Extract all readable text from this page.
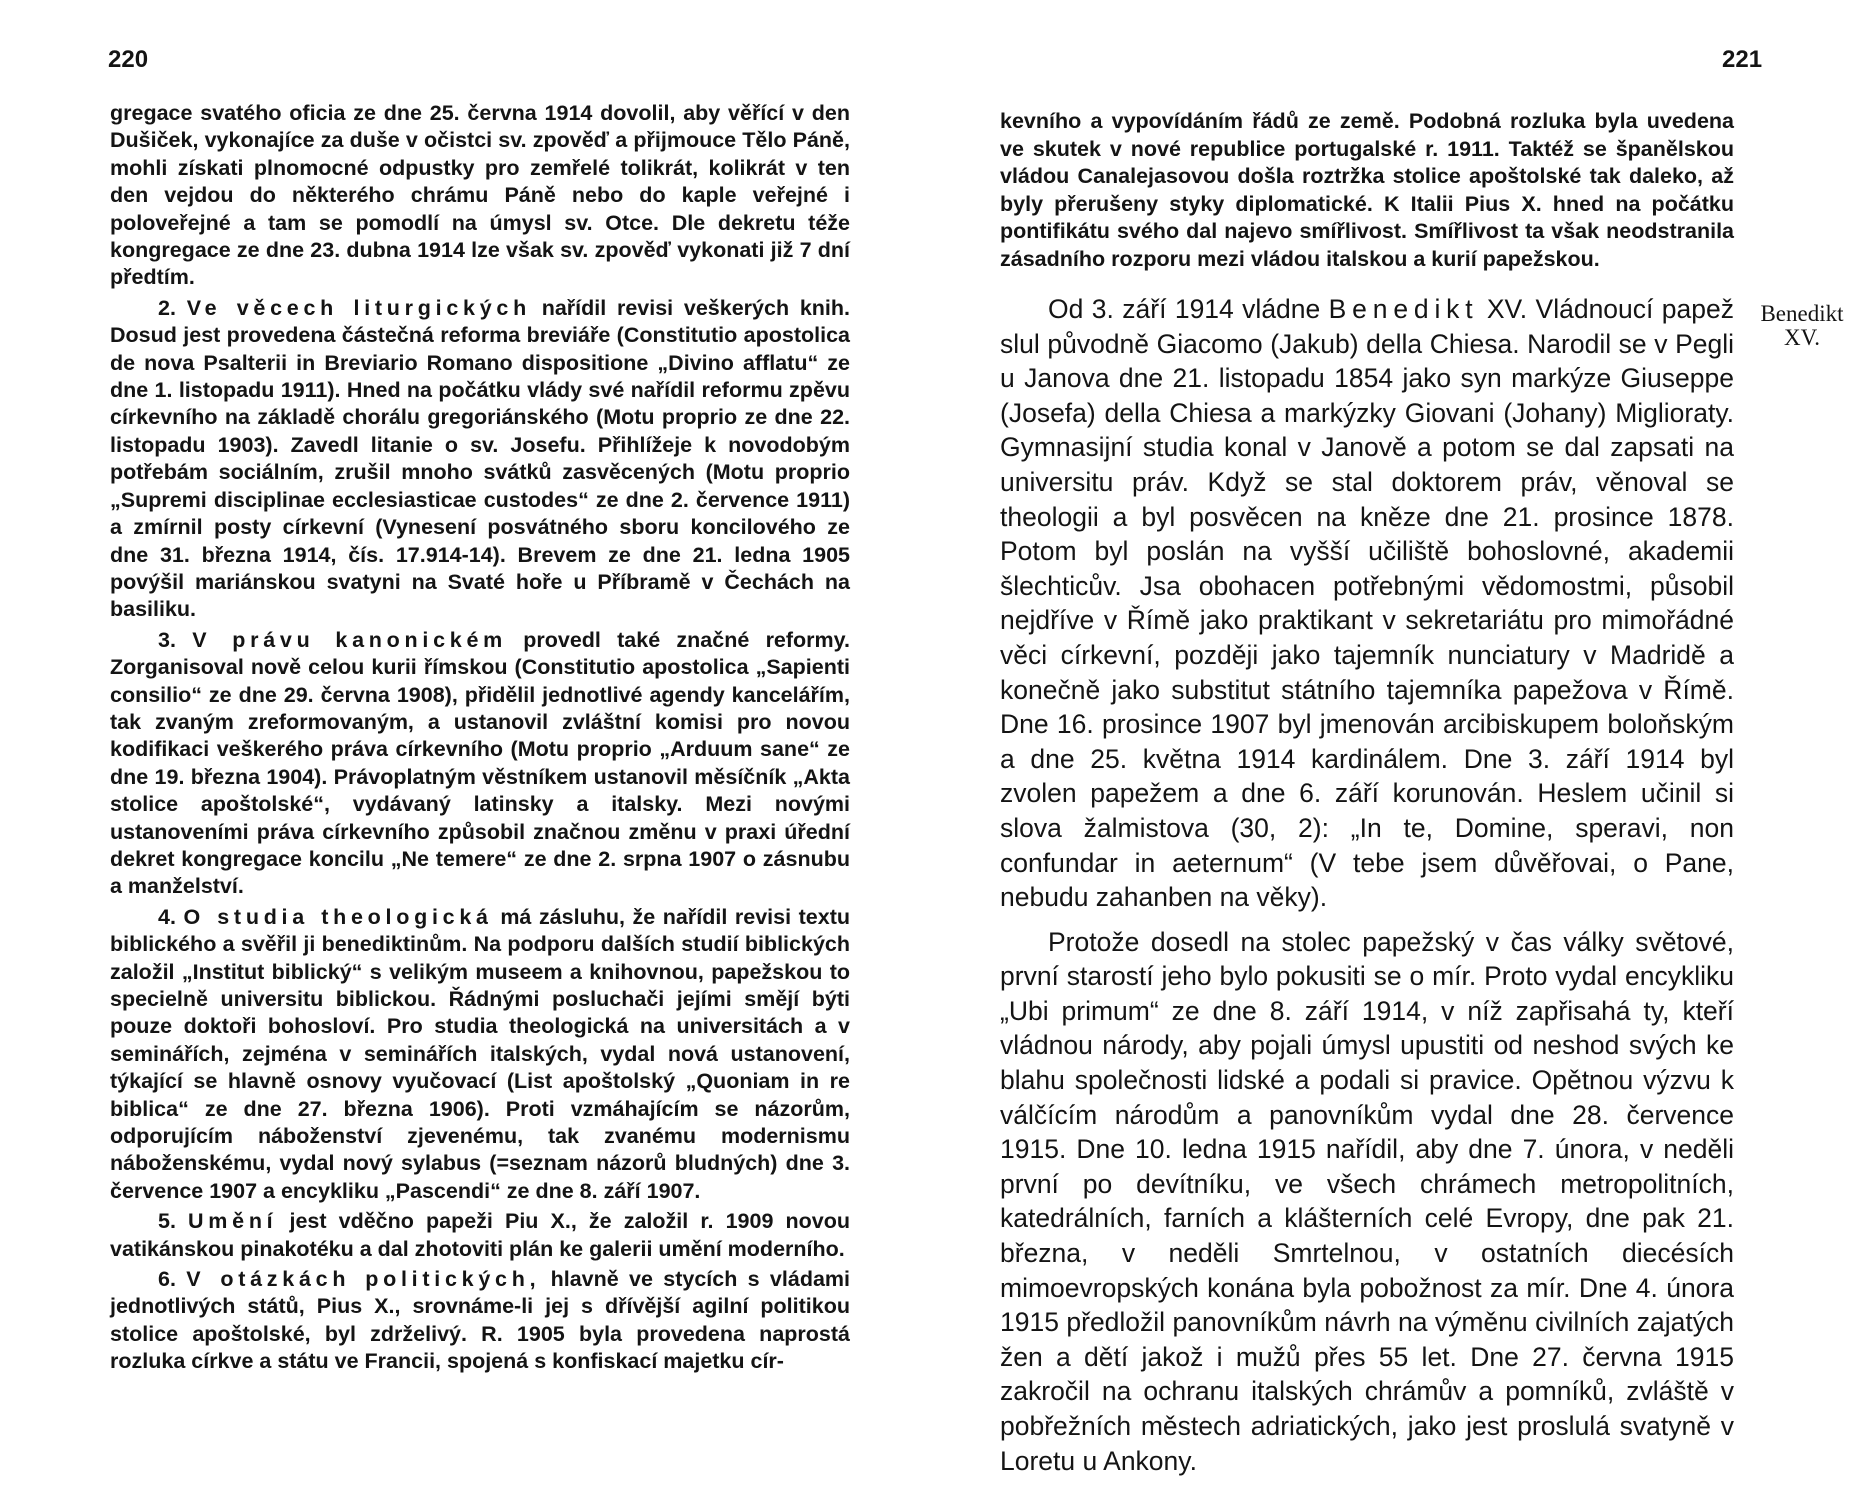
220	221

gregace svatého oficia ze dne 25. června 1914 dovolil, aby věřící v den Dušiček, vykonajíce za duše v očistci sv. zpověď a přijmouce Tělo Páně, mohli získati plnomocné odpustky pro zemřelé tolikrát, kolikrát v ten den vejdou do některého chrámu Páně nebo do kaple veřejné i poloveřejné a tam se pomodlí na úmysl sv. Otce. Dle dekretu téže kongregace ze dne 23. dubna 1914 lze však sv. zpověď vykonati již 7 dní předtím.

2. Ve věcech liturgických nařídil revisi veškerých knih. Dosud jest provedena částečná reforma breviáře (Constitutio apostolica de nova Psalterii in Breviario Romano dispositione „Divino afflatu“ ze dne 1. listopadu 1911). Hned na počátku vlády své nařídil reformu zpěvu církevního na základě chorálu gregoriánského (Motu proprio ze dne 22. listopadu 1903). Zavedl litanie o sv. Josefu. Přihlížeje k novodobým potřebám sociálním, zrušil mnoho svátků zasvěcených (Motu proprio „Supremi disciplinae ecclesiasticae custodes“ ze dne 2. července 1911) a zmírnil posty církevní (Vynesení posvátného sboru koncilového ze dne 31. března 1914, čís. 17.914-14). Brevem ze dne 21. ledna 1905 povýšil mariánskou svatyni na Svaté hoře u Příbramě v Čechách na basiliku.

3. V právu kanonickém provedl také značné reformy. Zorganisoval nově celou kurii římskou (Constitutio apostolica „Sapienti consilio“ ze dne 29. června 1908), přidělil jednotlivé agendy kancelářím, tak zvaným zreformovaným, a ustanovil zvláštní komisi pro novou kodifikaci veškerého práva církevního (Motu proprio „Arduum sane“ ze dne 19. března 1904). Právoplatným věstníkem ustanovil měsíčník „Akta stolice apoštolské“, vydávaný latinsky a italsky. Mezi novými ustanoveními práva církevního způsobil značnou změnu v praxi úřední dekret kongregace koncilu „Ne temere“ ze dne 2. srpna 1907 o zásnubu a manželství.

4. O studia theologická má zásluhu, že nařídil revisi textu biblického a svěřil ji benediktinům. Na podporu dalších studií biblických založil „Institut biblický“ s velikým museem a knihovnou, papežskou to specielně universitu biblickou. Řádnými posluchači jejími smějí býti pouze doktoři bohosloví. Pro studia theologická na universitách a v seminářích, zejména v seminářích italských, vydal nová ustanovení, týkající se hlavně osnovy vyučovací (List apoštolský „Quoniam in re biblica“ ze dne 27. března 1906). Proti vzmáhajícím se názorům, odporujícím náboženství zjevenému, tak zvanému modernismu náboženskému, vydal nový sylabus (=seznam názorů bludných) dne 3. července 1907 a encykliku „Pascendi“ ze dne 8. září 1907.

5. Umění jest vděčno papeži Piu X., že založil r. 1909 novou vatikánskou pinakotéku a dal zhotoviti plán ke galerii umění moderního.

6. V otázkách politických, hlavně ve stycích s vládami jednotlivých států, Pius X., srovnáme-li jej s dřívější agilní politikou stolice apoštolské, byl zdrželivý. R. 1905 byla provedena naprostá rozluka církve a státu ve Francii, spojená s konfiskací majetku cír-

kevního a vypovídáním řádů ze země. Podobná rozluka byla uvedena ve skutek v nové republice portugalské r. 1911. Taktéž se španělskou vládou Canalejasovou došla roztržka stolice apoštolské tak daleko, až byly přerušeny styky diplomatické. K Italii Pius X. hned na počátku pontifikátu svého dal najevo smířlivost. Smířlivost ta však neodstranila zásadního rozporu mezi vládou italskou a kurií papežskou.

Od 3. září 1914 vládne Benedikt XV. Vládnoucí papež slul původně Giacomo (Jakub) della Chiesa. Narodil se v Pegli u Janova dne 21. listopadu 1854 jako syn markýze Giuseppe (Josefa) della Chiesa a markýzky Giovani (Johany) Miglioraty. Gymnasijní studia konal v Janově a potom se dal zapsati na universitu práv. Když se stal doktorem práv, věnoval se theologii a byl posvěcen na kněze dne 21. prosince 1878. Potom byl poslán na vyšší učiliště bohoslovné, akademii šlechticův. Jsa obohacen potřebnými vědomostmi, působil nejdříve v Římě jako praktikant v sekretariátu pro mimořádné věci církevní, později jako tajemník nunciatury v Madridě a konečně jako substitut státního tajemníka papežova v Římě. Dne 16. prosince 1907 byl jmenován arcibiskupem boloňským a dne 25. května 1914 kardinálem. Dne 3. září 1914 byl zvolen papežem a dne 6. září korunován. Heslem učinil si slova žalmistova (30, 2): „In te, Domine, speravi, non confundar in aeternum“ (V tebe jsem důvěřovai, o Pane, nebudu zahanben na věky).

Protože dosedl na stolec papežský v čas války světové, první starostí jeho bylo pokusiti se o mír. Proto vydal encykliku „Ubi primum“ ze dne 8. září 1914, v níž zapřisahá ty, kteří vládnou národy, aby pojali úmysl upustiti od neshod svých ke blahu společnosti lidské a podali si pravice. Opětnou výzvu k válčícím národům a panovníkům vydal dne 28. července 1915. Dne 10. ledna 1915 nařídil, aby dne 7. února, v neděli první po devítníku, ve všech chrámech metropolitních, katedrálních, farních a klášterních celé Evropy, dne pak 21. března, v neděli Smrtelnou, v ostatních diecésích mimoevropských konána byla pobožnost za mír. Dne 4. února 1915 předložil panovníkům návrh na výměnu civilních zajatých žen a dětí jakož i mužů přes 55 let. Dne 27. června 1915 zakročil na ochranu italských chrámův a pomníků, zvláště v pobřežních městech adriatických, jako jest proslulá svatyně v Loretu u Ankony.

Benedikt
XV.
